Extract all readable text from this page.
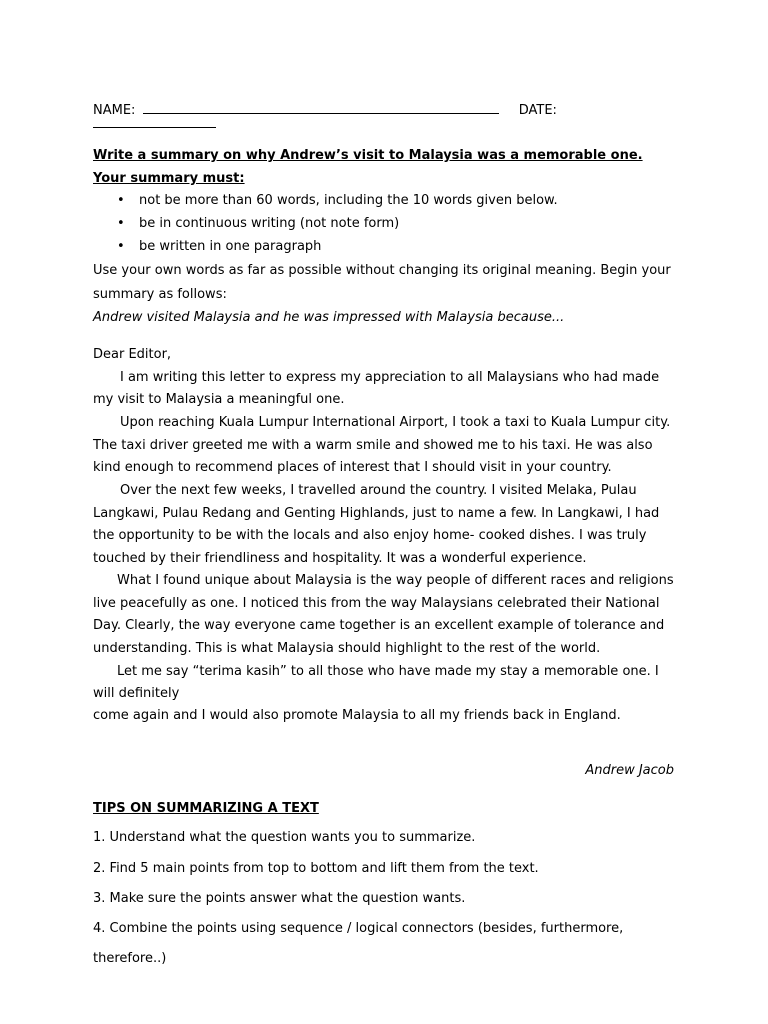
NAME:	DATE:
Write a summary on why Andrew’s visit to Malaysia was a memorable one.
Your summary must:
• not be more than 60 words, including the 10 words given below.
• be in continuous writing (not note form)
• be written in one paragraph
Use your own words as far as possible without changing its original meaning. Begin your
summary as follows:
Andrew visited Malaysia and he was impressed with Malaysia because...
Dear Editor,
I am writing this letter to express my appreciation to all Malaysians who had made
my visit to Malaysia a meaningful one.
Upon reaching Kuala Lumpur International Airport, I took a taxi to Kuala Lumpur city.
The taxi driver greeted me with a warm smile and showed me to his taxi. He was also
kind enough to recommend places of interest that I should visit in your country.
Over the next few weeks, I travelled around the country. I visited Melaka, Pulau
Langkawi, Pulau Redang and Genting Highlands, just to name a few. In Langkawi, I had
the opportunity to be with the locals and also enjoy home- cooked dishes. I was truly
touched by their friendliness and hospitality. It was a wonderful experience.
What I found unique about Malaysia is the way people of different races and religions
live peacefully as one. I noticed this from the way Malaysians celebrated their National
Day. Clearly, the way everyone came together is an excellent example of tolerance and
understanding. This is what Malaysia should highlight to the rest of the world.
Let me say “terima kasih” to all those who have made my stay a memorable one. I
will definitely
come again and I would also promote Malaysia to all my friends back in England.
Andrew Jacob
TIPS ON SUMMARIZING A TEXT
1. Understand what the question wants you to summarize.
2. Find 5 main points from top to bottom and lift them from the text.
3. Make sure the points answer what the question wants.
4. Combine the points using sequence / logical connectors (besides, furthermore,
therefore..)
